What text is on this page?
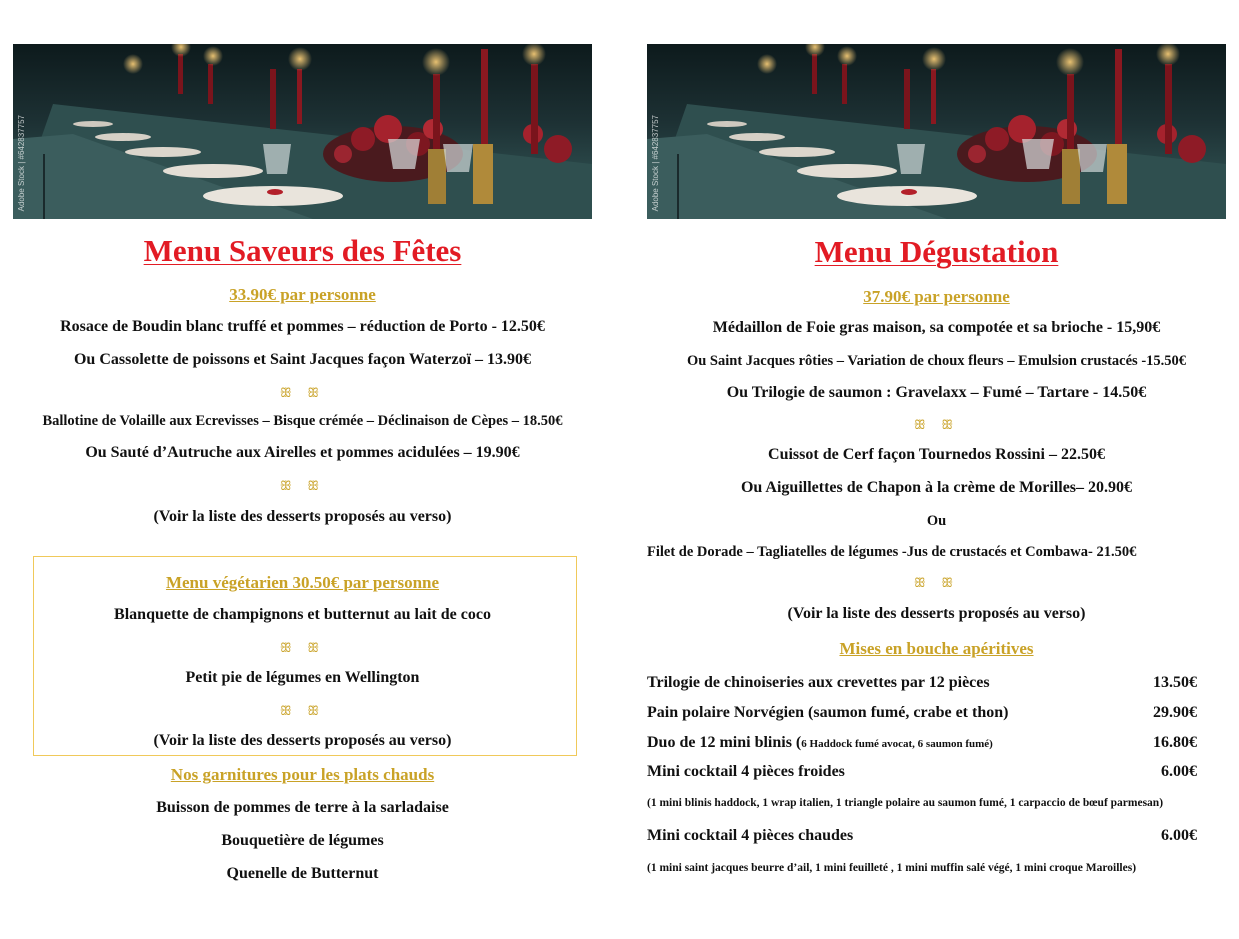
Adobe Stock | #642837757
Menu Saveurs des Fêtes

33.90€ par personne

Rosace de Boudin blanc truffé et pommes – réduction de Porto - 12.50€

Ou Cassolette de poissons et Saint Jacques façon Waterzoï – 13.90€

ꕥ ꕥ

Ballotine de Volaille aux Ecrevisses – Bisque crémée – Déclinaison de Cèpes – 18.50€

Ou Sauté d’Autruche aux Airelles et pommes acidulées – 19.90€

ꕥ ꕥ

(Voir la liste des desserts proposés au verso)

Menu végétarien 30.50€ par personne

Blanquette de champignons et butternut au lait de coco

ꕥ ꕥ

Petit pie de légumes en Wellington

ꕥ ꕥ

(Voir la liste des desserts proposés au verso)

Nos garnitures pour les plats chauds

Buisson de pommes de terre à la sarladaise

Bouquetière de légumes

Quenelle de Butternut

Adobe Stock | #642837757
Menu Dégustation

37.90€ par personne

Médaillon de Foie gras maison, sa compotée et sa brioche - 15,90€

Ou Saint Jacques rôties – Variation de choux fleurs – Emulsion crustacés -15.50€

Ou Trilogie de saumon : Gravelaxx – Fumé – Tartare - 14.50€

ꕥ ꕥ

Cuissot de Cerf façon Tournedos Rossini – 22.50€

Ou Aiguillettes de Chapon à la crème de Morilles– 20.90€

Ou

Filet de Dorade – Tagliatelles de légumes -Jus de crustacés et Combawa- 21.50€

ꕥ ꕥ

(Voir la liste des desserts proposés au verso)

Mises en bouche apéritives

Trilogie de chinoiseries aux crevettes par 12 pièces	13.50€
Pain polaire Norvégien (saumon fumé, crabe et thon)	29.90€
Duo de 12 mini blinis (6 Haddock fumé avocat, 6 saumon fumé)	16.80€
Mini cocktail 4 pièces froides	6.00€

(1 mini blinis haddock, 1 wrap italien, 1 triangle polaire au saumon fumé, 1 carpaccio de bœuf parmesan)

Mini cocktail 4 pièces chaudes	6.00€

(1 mini saint jacques beurre d’ail, 1 mini feuilleté , 1 mini muffin salé végé, 1 mini croque Maroilles)
